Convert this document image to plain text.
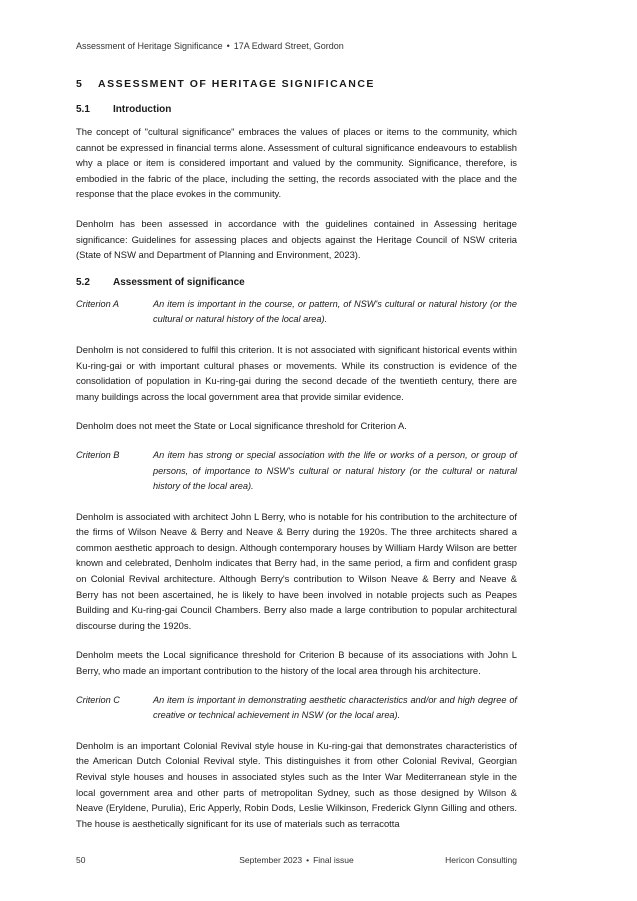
Assessment of Heritage Significance • 17A Edward Street, Gordon
5 ASSESSMENT OF HERITAGE SIGNIFICANCE
5.1 Introduction

The concept of "cultural significance" embraces the values of places or items to the community, which cannot be expressed in financial terms alone. Assessment of cultural significance endeavours to establish why a place or item is considered important and valued by the community. Significance, therefore, is embodied in the fabric of the place, including the setting, the records associated with the place and the response that the place evokes in the community.

Denholm has been assessed in accordance with the guidelines contained in Assessing heritage significance: Guidelines for assessing places and objects against the Heritage Council of NSW criteria (State of NSW and Department of Planning and Environment, 2023).

5.2 Assessment of significance
Criterion A	An item is important in the course, or pattern, of NSW's cultural or natural history (or the cultural or natural history of the local area).

Denholm is not considered to fulfil this criterion. It is not associated with significant historical events within Ku-ring-gai or with important cultural phases or movements. While its construction is evidence of the consolidation of population in Ku-ring-gai during the second decade of the twentieth century, there are many buildings across the local government area that provide similar evidence.

Denholm does not meet the State or Local significance threshold for Criterion A.

Criterion B	An item has strong or special association with the life or works of a person, or group of persons, of importance to NSW's cultural or natural history (or the cultural or natural history of the local area).

Denholm is associated with architect John L Berry, who is notable for his contribution to the architecture of the firms of Wilson Neave & Berry and Neave & Berry during the 1920s. The three architects shared a common aesthetic approach to design. Although contemporary houses by William Hardy Wilson are better known and celebrated, Denholm indicates that Berry had, in the same period, a firm and confident grasp on Colonial Revival architecture. Although Berry's contribution to Wilson Neave & Berry and Neave & Berry has not been ascertained, he is likely to have been involved in notable projects such as Peapes Building and Ku-ring-gai Council Chambers. Berry also made a large contribution to popular architectural discourse during the 1920s.

Denholm meets the Local significance threshold for Criterion B because of its associations with John L Berry, who made an important contribution to the history of the local area through his architecture.

Criterion C	An item is important in demonstrating aesthetic characteristics and/or and high degree of creative or technical achievement in NSW (or the local area).

Denholm is an important Colonial Revival style house in Ku-ring-gai that demonstrates characteristics of the American Dutch Colonial Revival style. This distinguishes it from other Colonial Revival, Georgian Revival style houses and houses in associated styles such as the Inter War Mediterranean style in the local government area and other parts of metropolitan Sydney, such as those designed by Wilson & Neave (Eryldene, Purulia), Eric Apperly, Robin Dods, Leslie Wilkinson, Frederick Glynn Gilling and others. The house is aesthetically significant for its use of materials such as terracotta

50	September 2023 • Final issue	Hericon Consulting
